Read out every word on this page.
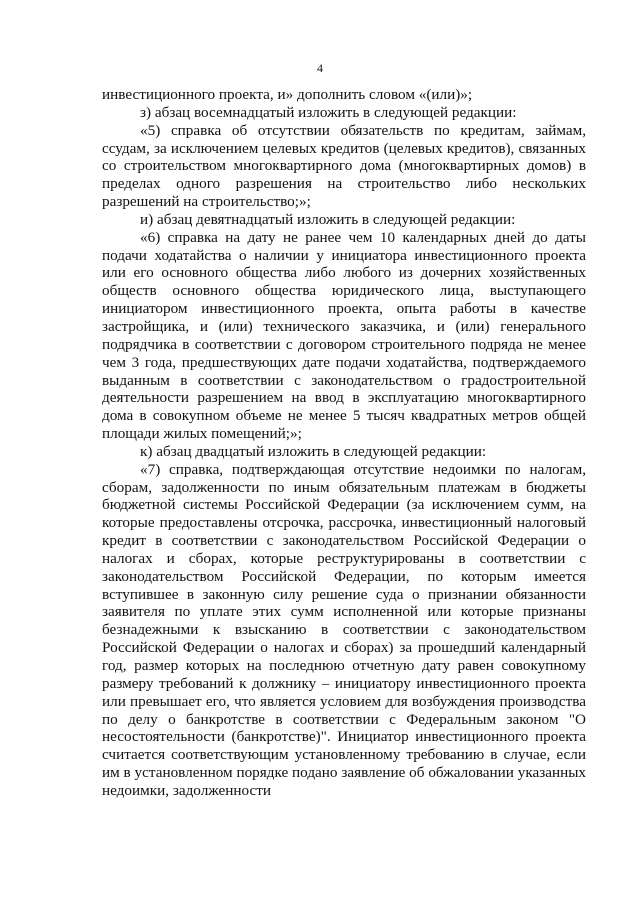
4

инвестиционного проекта, и» дополнить словом «(или)»;

з) абзац восемнадцатый изложить в следующей редакции:

«5) справка об отсутствии обязательств по кредитам, займам, ссудам, за исключением целевых кредитов (целевых кредитов), связанных со строительством многоквартирного дома (многоквартирных домов) в пределах одного разрешения на строительство либо нескольких разрешений на строительство;»;

и) абзац девятнадцатый изложить в следующей редакции:

«6) справка на дату не ранее чем 10 календарных дней до даты подачи ходатайства о наличии у инициатора инвестиционного проекта или его основного общества либо любого из дочерних хозяйственных обществ основного общества юридического лица, выступающего инициатором инвестиционного проекта, опыта работы в качестве застройщика, и (или) технического заказчика, и (или) генерального подрядчика в соответствии с договором строительного подряда не менее чем 3 года, предшествующих дате подачи ходатайства, подтверждаемого выданным в соответствии с законодательством о градостроительной деятельности разрешением на ввод в эксплуатацию многоквартирного дома в совокупном объеме не менее 5 тысяч квадратных метров общей площади жилых помещений;»;

к) абзац двадцатый изложить в следующей редакции:

«7) справка, подтверждающая отсутствие недоимки по налогам, сборам, задолженности по иным обязательным платежам в бюджеты бюджетной системы Российской Федерации (за исключением сумм, на которые предоставлены отсрочка, рассрочка, инвестиционный налоговый кредит в соответствии с законодательством Российской Федерации о налогах и сборах, которые реструктурированы в соответствии с законодательством Российской Федерации, по которым имеется вступившее в законную силу решение суда о признании обязанности заявителя по уплате этих сумм исполненной или которые признаны безнадежными к взысканию в соответствии с законодательством Российской Федерации о налогах и сборах) за прошедший календарный год, размер которых на последнюю отчетную дату равен совокупному размеру требований к должнику – инициатору инвестиционного проекта или превышает его, что является условием для возбуждения производства по делу о банкротстве в соответствии с Федеральным законом "О несостоятельности (банкротстве)". Инициатор инвестиционного проекта считается соответствующим установленному требованию в случае, если им в установленном порядке подано заявление об обжаловании указанных недоимки, задолженности
